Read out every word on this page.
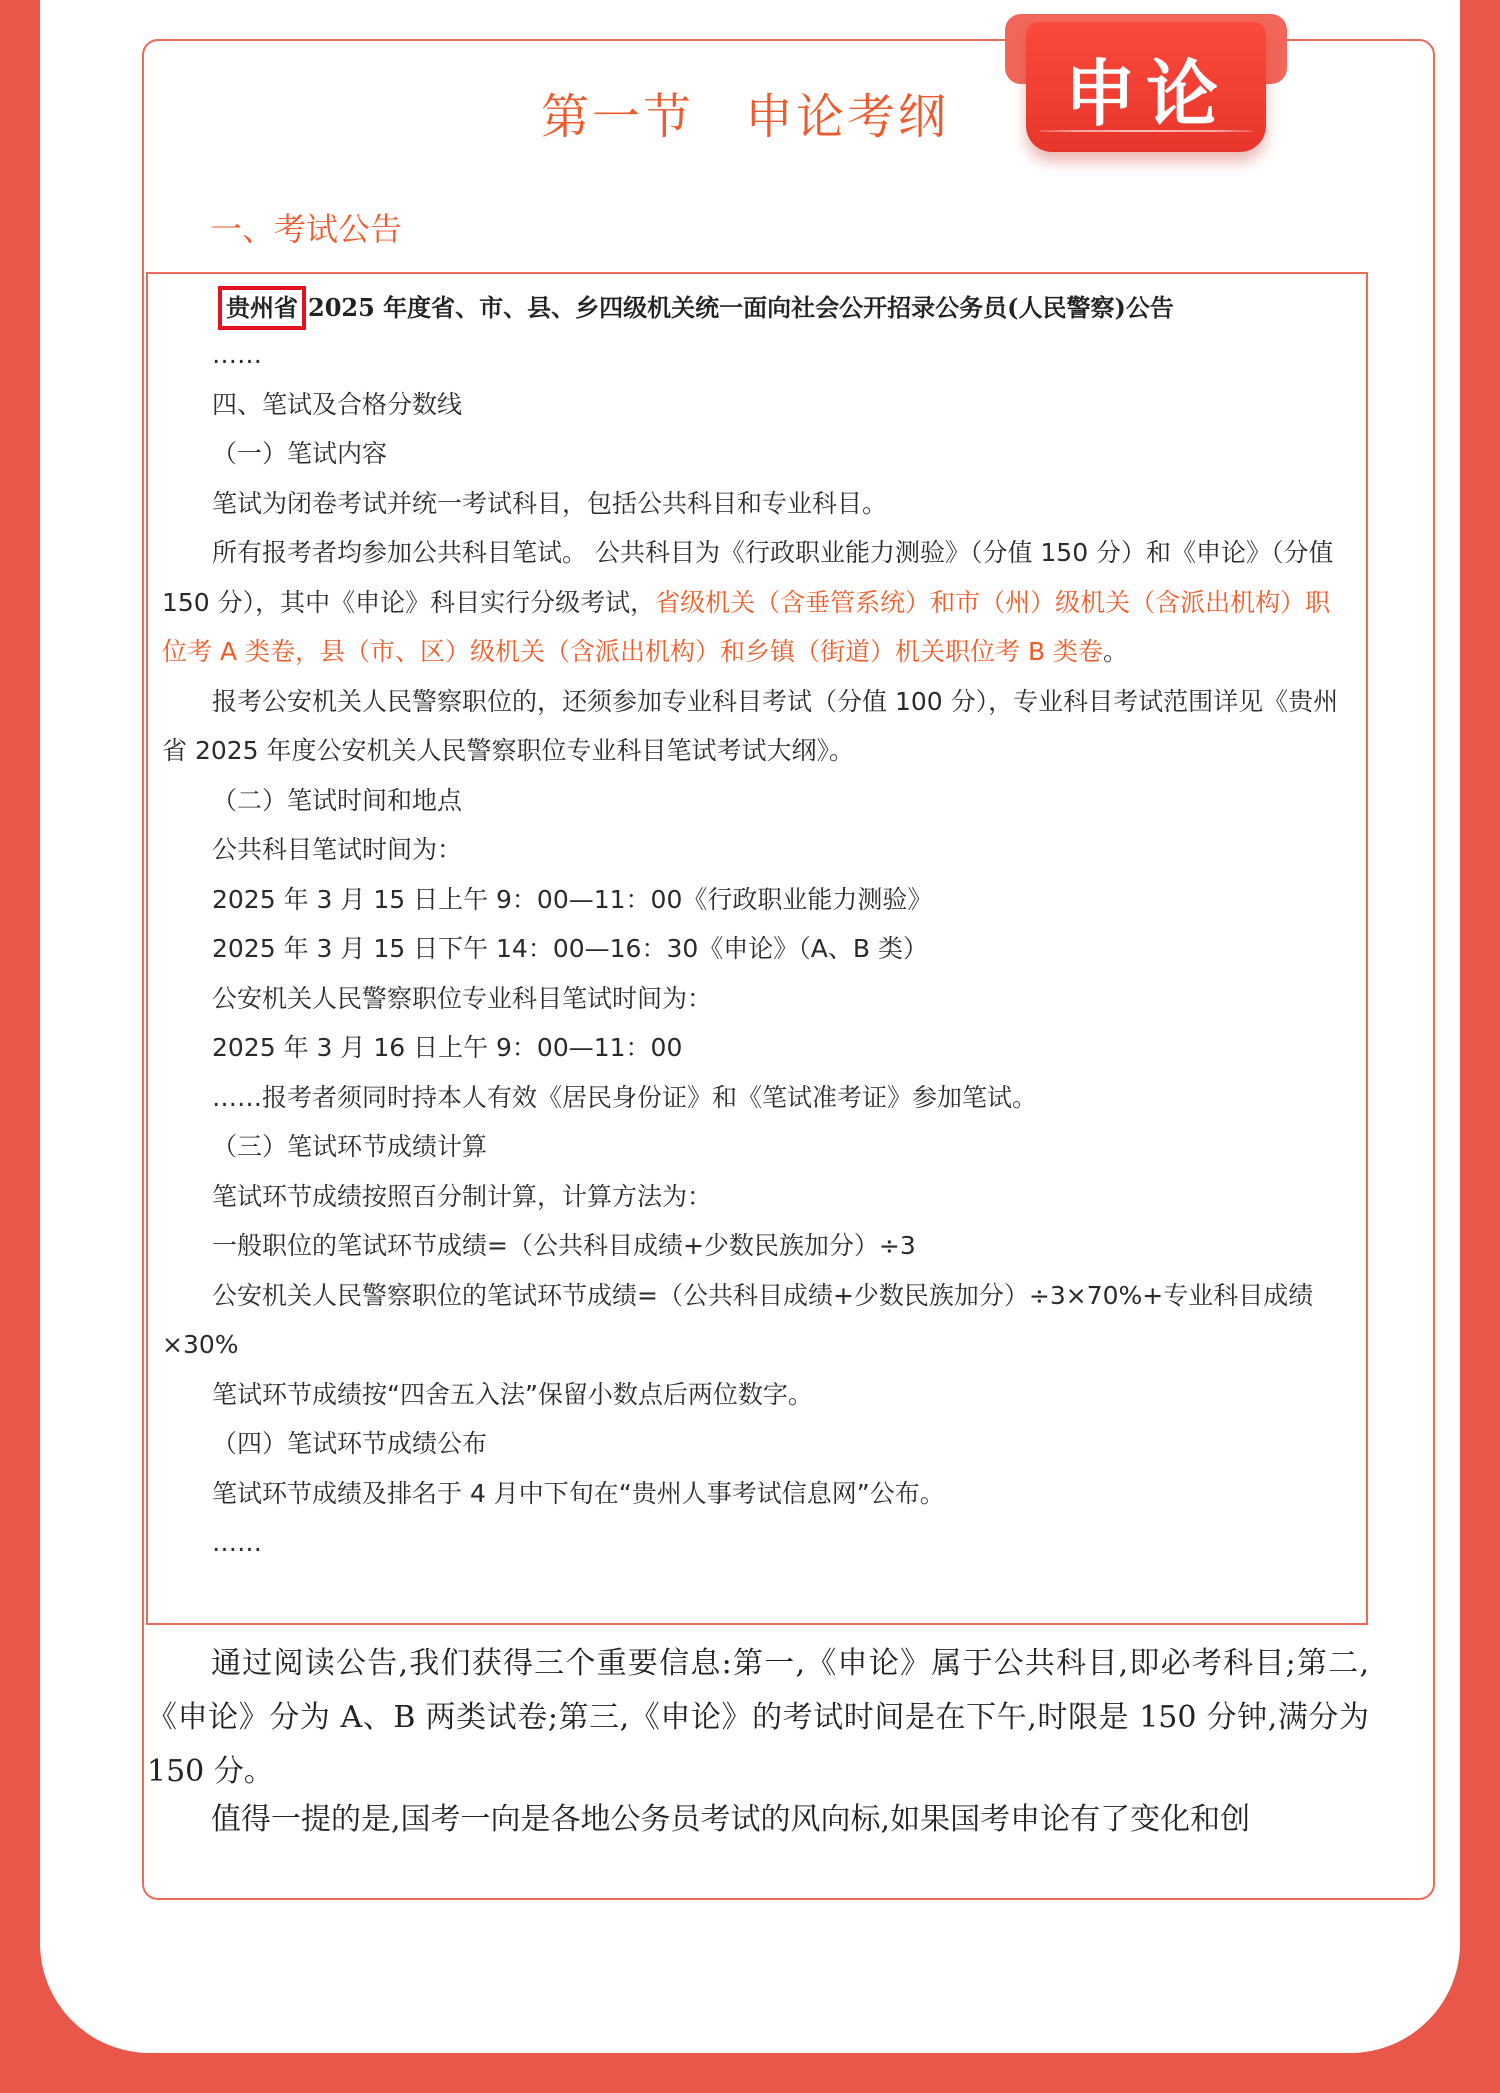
申论
第一节　申论考纲
一、考试公告
贵州省 2025 年度省、市、县、乡四级机关统一面向社会公开招录公务员(人民警察)公告

……

四、笔试及合格分数线

（一）笔试内容

笔试为闭卷考试并统一考试科目，包括公共科目和专业科目。

所有报考者均参加公共科目笔试。 公共科目为《行政职业能力测验》（分值 150 分）和《申论》（分值 150 分），其中《申论》科目实行分级考试，省级机关（含垂管系统）和市（州）级机关（含派出机构）职位考 A 类卷，县（市、区）级机关（含派出机构）和乡镇（街道）机关职位考 B 类卷。

报考公安机关人民警察职位的，还须参加专业科目考试（分值 100 分），专业科目考试范围详见《贵州省 2025 年度公安机关人民警察职位专业科目笔试考试大纲》。

（二）笔试时间和地点

公共科目笔试时间为：

2025 年 3 月 15 日上午 9：00—11：00《行政职业能力测验》

2025 年 3 月 15 日下午 14：00—16：30《申论》（A、B 类）

公安机关人民警察职位专业科目笔试时间为：

2025 年 3 月 16 日上午 9：00—11：00

……报考者须同时持本人有效《居民身份证》和《笔试准考证》参加笔试。

（三）笔试环节成绩计算

笔试环节成绩按照百分制计算，计算方法为：

一般职位的笔试环节成绩=（公共科目成绩+少数民族加分）÷3

公安机关人民警察职位的笔试环节成绩=（公共科目成绩+少数民族加分）÷3×70%+专业科目成绩×30%

笔试环节成绩按“四舍五入法”保留小数点后两位数字。

（四）笔试环节成绩公布

笔试环节成绩及排名于 4 月中下旬在“贵州人事考试信息网”公布。

……

通过阅读公告,我们获得三个重要信息:第一,《申论》属于公共科目,即必考科目;第二,《申论》分为 A、B 两类试卷;第三,《申论》的考试时间是在下午,时限是 150 分钟,满分为 150 分。
值得一提的是,国考一向是各地公务员考试的风向标,如果国考申论有了变化和创
